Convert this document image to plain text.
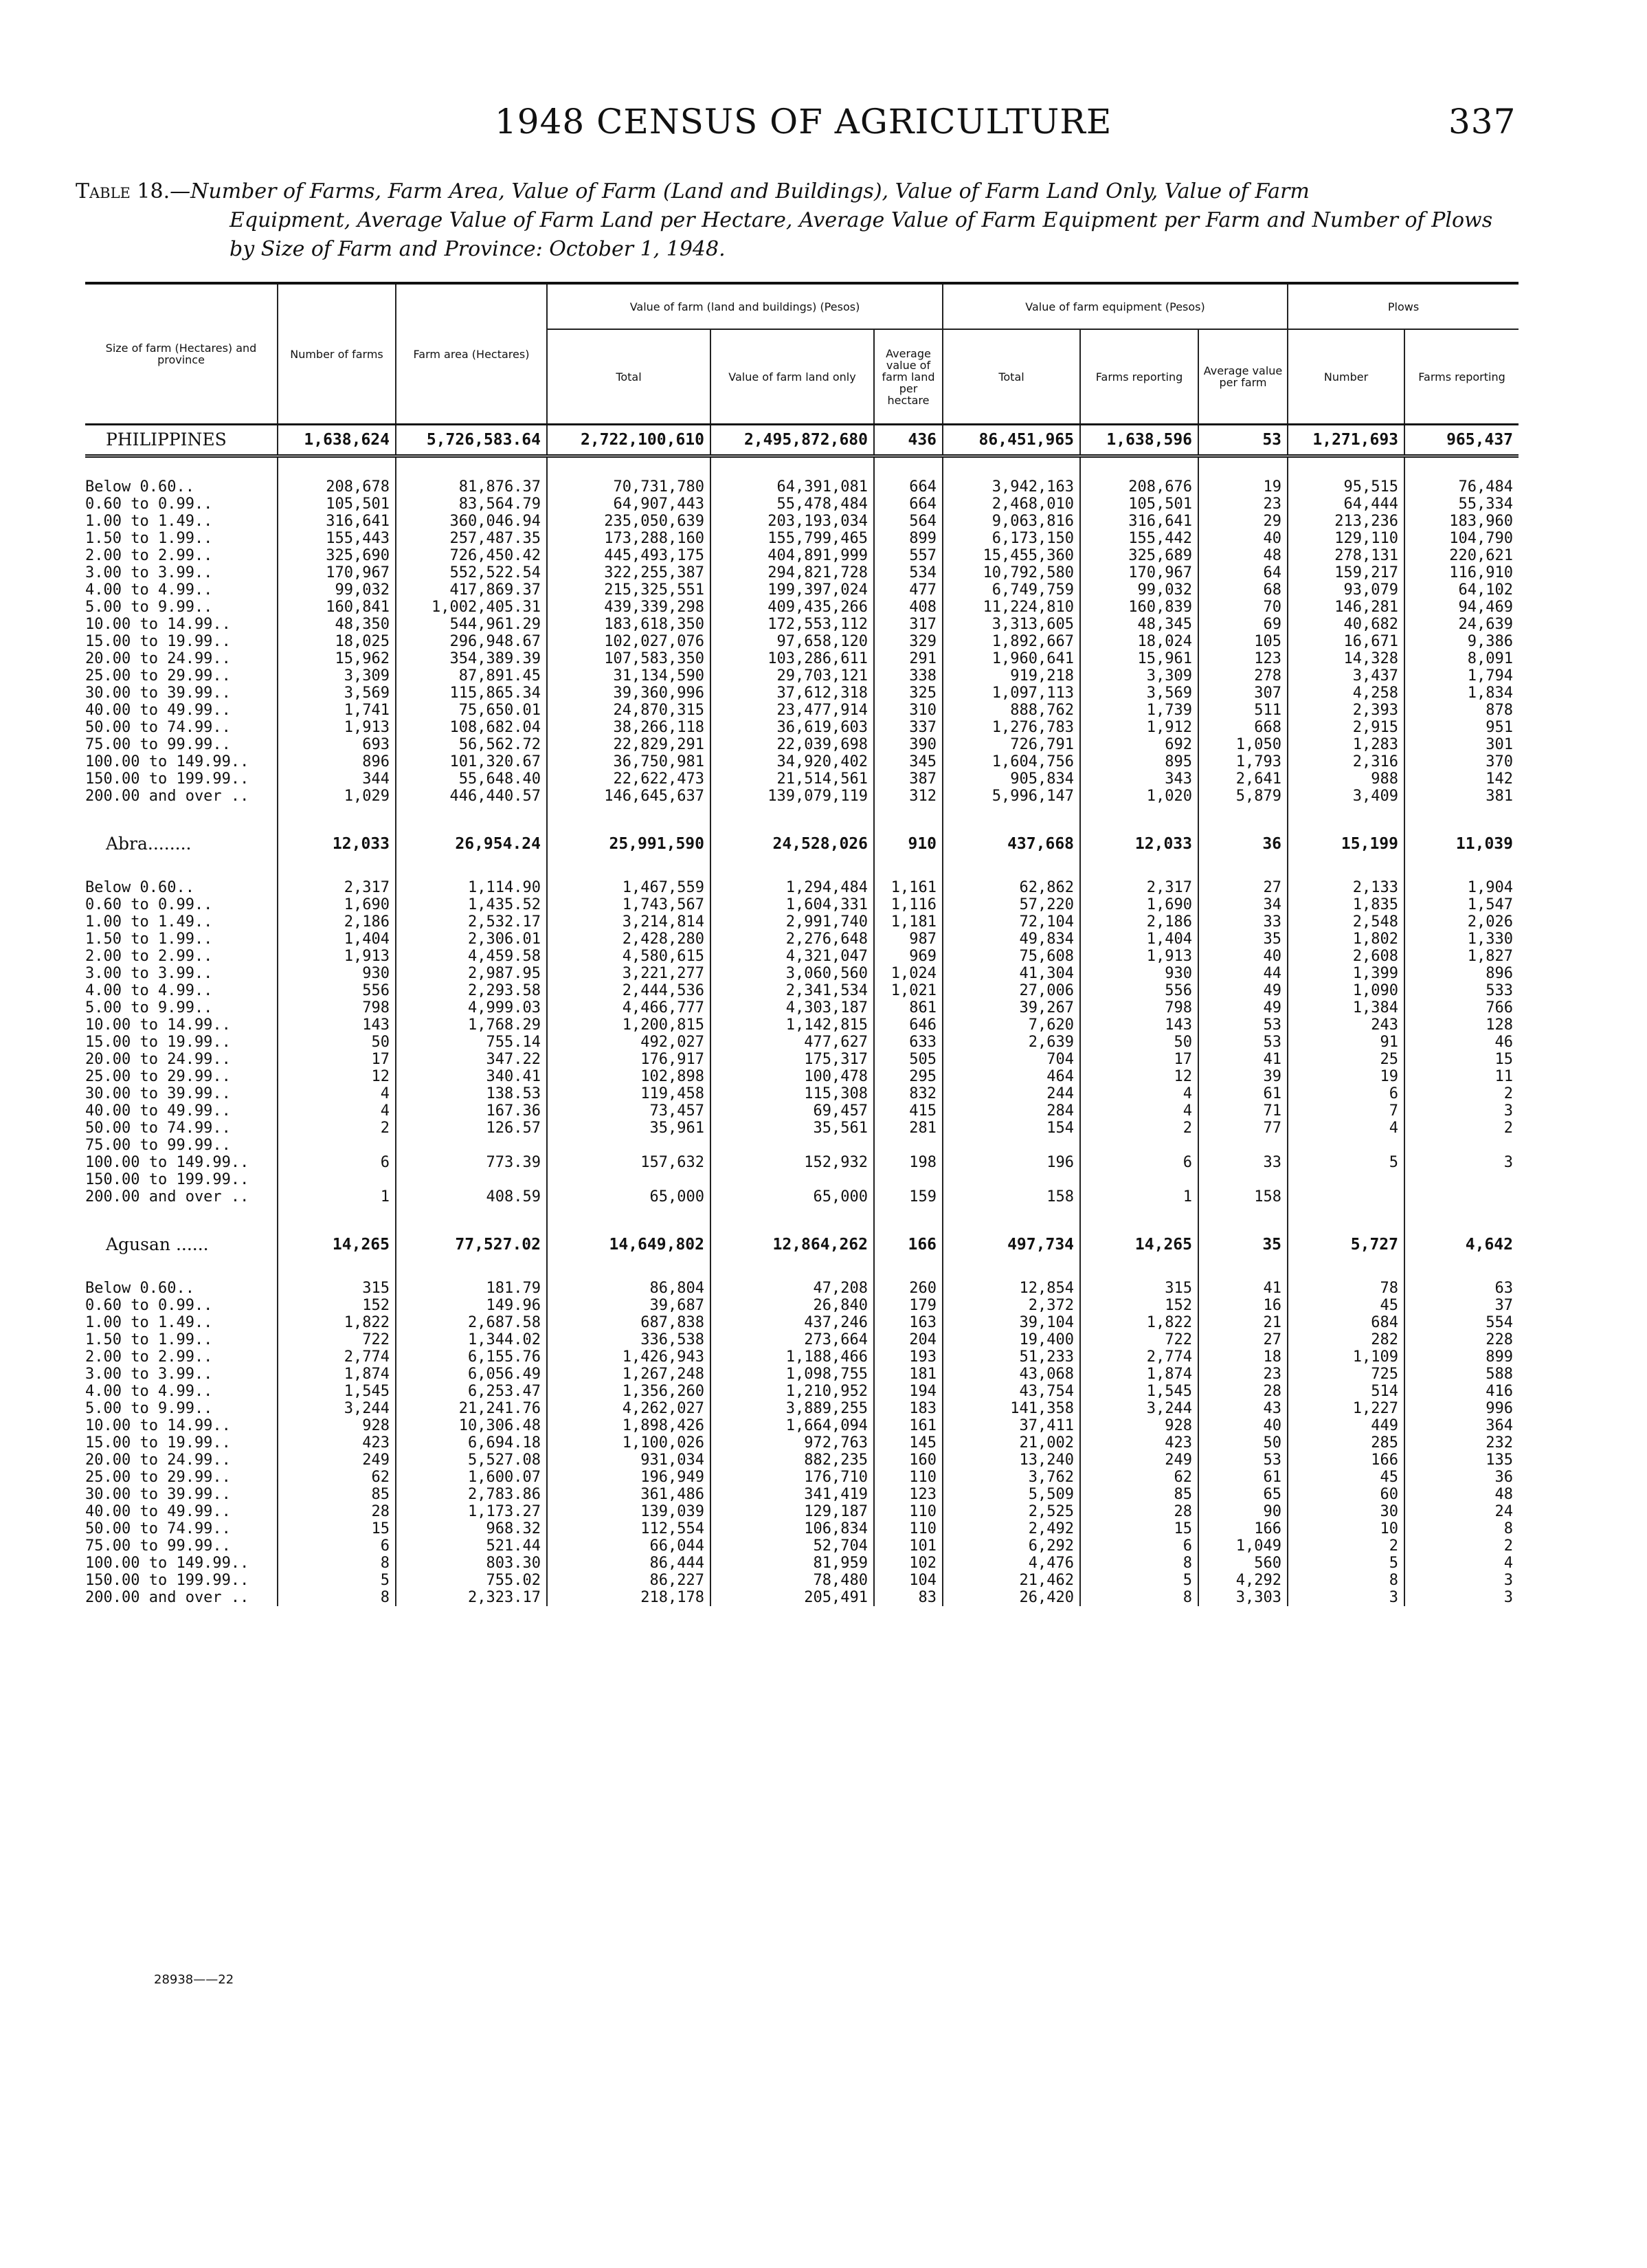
1948 CENSUS OF AGRICULTURE	337
Table 18.—Number of Farms, Farm Area, Value of Farm (Land and Buildings), Value of Farm Land Only, Value of Farm
Equipment, Average Value of Farm Land per Hectare, Average Value of Farm Equipment per Farm and Number of Plows by Size of Farm and Province: October 1, 1948.
Size of farm (Hectares) and province	Number of farms	Farm area (Hectares)	Value of farm (land and buildings) (Pesos)			Value of farm equipment (Pesos)			Plows	
			Total	Value of farm land only	Average value of farm land per hectare	Total	Farms reporting	Average value per farm	Number	Farms reporting
PHILIPPINES	1,638,624	5,726,583.64	2,722,100,610	2,495,872,680	436	86,451,965	1,638,596	53	1,271,693	965,437

Below 0.60..	208,678	81,876.37	70,731,780	64,391,081	664	3,942,163	208,676	19	95,515	76,484
0.60 to 0.99..	105,501	83,564.79	64,907,443	55,478,484	664	2,468,010	105,501	23	64,444	55,334
1.00 to 1.49..	316,641	360,046.94	235,050,639	203,193,034	564	9,063,816	316,641	29	213,236	183,960
1.50 to 1.99..	155,443	257,487.35	173,288,160	155,799,465	899	6,173,150	155,442	40	129,110	104,790
2.00 to 2.99..	325,690	726,450.42	445,493,175	404,891,999	557	15,455,360	325,689	48	278,131	220,621
3.00 to 3.99..	170,967	552,522.54	322,255,387	294,821,728	534	10,792,580	170,967	64	159,217	116,910
4.00 to 4.99..	99,032	417,869.37	215,325,551	199,397,024	477	6,749,759	99,032	68	93,079	64,102
5.00 to 9.99..	160,841	1,002,405.31	439,339,298	409,435,266	408	11,224,810	160,839	70	146,281	94,469
10.00 to 14.99..	48,350	544,961.29	183,618,350	172,553,112	317	3,313,605	48,345	69	40,682	24,639
15.00 to 19.99..	18,025	296,948.67	102,027,076	97,658,120	329	1,892,667	18,024	105	16,671	9,386
20.00 to 24.99..	15,962	354,389.39	107,583,350	103,286,611	291	1,960,641	15,961	123	14,328	8,091
25.00 to 29.99..	3,309	87,891.45	31,134,590	29,703,121	338	919,218	3,309	278	3,437	1,794
30.00 to 39.99..	3,569	115,865.34	39,360,996	37,612,318	325	1,097,113	3,569	307	4,258	1,834
40.00 to 49.99..	1,741	75,650.01	24,870,315	23,477,914	310	888,762	1,739	511	2,393	878
50.00 to 74.99..	1,913	108,682.04	38,266,118	36,619,603	337	1,276,783	1,912	668	2,915	951
75.00 to 99.99..	693	56,562.72	22,829,291	22,039,698	390	726,791	692	1,050	1,283	301
100.00 to 149.99..	896	101,320.67	36,750,981	34,920,402	345	1,604,756	895	1,793	2,316	370
150.00 to 199.99..	344	55,648.40	22,622,473	21,514,561	387	905,834	343	2,641	988	142
200.00 and over ..	1,029	446,440.57	146,645,637	139,079,119	312	5,996,147	1,020	5,879	3,409	381

Abra........	12,033	26,954.24	25,991,590	24,528,026	910	437,668	12,033	36	15,199	11,039

Below 0.60..	2,317	1,114.90	1,467,559	1,294,484	1,161	62,862	2,317	27	2,133	1,904
0.60 to 0.99..	1,690	1,435.52	1,743,567	1,604,331	1,116	57,220	1,690	34	1,835	1,547
1.00 to 1.49..	2,186	2,532.17	3,214,814	2,991,740	1,181	72,104	2,186	33	2,548	2,026
1.50 to 1.99..	1,404	2,306.01	2,428,280	2,276,648	987	49,834	1,404	35	1,802	1,330
2.00 to 2.99..	1,913	4,459.58	4,580,615	4,321,047	969	75,608	1,913	40	2,608	1,827
3.00 to 3.99..	930	2,987.95	3,221,277	3,060,560	1,024	41,304	930	44	1,399	896
4.00 to 4.99..	556	2,293.58	2,444,536	2,341,534	1,021	27,006	556	49	1,090	533
5.00 to 9.99..	798	4,999.03	4,466,777	4,303,187	861	39,267	798	49	1,384	766
10.00 to 14.99..	143	1,768.29	1,200,815	1,142,815	646	7,620	143	53	243	128
15.00 to 19.99..	50	755.14	492,027	477,627	633	2,639	50	53	91	46
20.00 to 24.99..	17	347.22	176,917	175,317	505	704	17	41	25	15
25.00 to 29.99..	12	340.41	102,898	100,478	295	464	12	39	19	11
30.00 to 39.99..	4	138.53	119,458	115,308	832	244	4	61	6	2
40.00 to 49.99..	4	167.36	73,457	69,457	415	284	4	71	7	3
50.00 to 74.99..	2	126.57	35,961	35,561	281	154	2	77	4	2
75.00 to 99.99..										
100.00 to 149.99..	6	773.39	157,632	152,932	198	196	6	33	5	3
150.00 to 199.99..										
200.00 and over ..	1	408.59	65,000	65,000	159	158	1	158		

Agusan ......	14,265	77,527.02	14,649,802	12,864,262	166	497,734	14,265	35	5,727	4,642

Below 0.60..	315	181.79	86,804	47,208	260	12,854	315	41	78	63
0.60 to 0.99..	152	149.96	39,687	26,840	179	2,372	152	16	45	37
1.00 to 1.49..	1,822	2,687.58	687,838	437,246	163	39,104	1,822	21	684	554
1.50 to 1.99..	722	1,344.02	336,538	273,664	204	19,400	722	27	282	228
2.00 to 2.99..	2,774	6,155.76	1,426,943	1,188,466	193	51,233	2,774	18	1,109	899
3.00 to 3.99..	1,874	6,056.49	1,267,248	1,098,755	181	43,068	1,874	23	725	588
4.00 to 4.99..	1,545	6,253.47	1,356,260	1,210,952	194	43,754	1,545	28	514	416
5.00 to 9.99..	3,244	21,241.76	4,262,027	3,889,255	183	141,358	3,244	43	1,227	996
10.00 to 14.99..	928	10,306.48	1,898,426	1,664,094	161	37,411	928	40	449	364
15.00 to 19.99..	423	6,694.18	1,100,026	972,763	145	21,002	423	50	285	232
20.00 to 24.99..	249	5,527.08	931,034	882,235	160	13,240	249	53	166	135
25.00 to 29.99..	62	1,600.07	196,949	176,710	110	3,762	62	61	45	36
30.00 to 39.99..	85	2,783.86	361,486	341,419	123	5,509	85	65	60	48
40.00 to 49.99..	28	1,173.27	139,039	129,187	110	2,525	28	90	30	24
50.00 to 74.99..	15	968.32	112,554	106,834	110	2,492	15	166	10	8
75.00 to 99.99..	6	521.44	66,044	52,704	101	6,292	6	1,049	2	2
100.00 to 149.99..	8	803.30	86,444	81,959	102	4,476	8	560	5	4
150.00 to 199.99..	5	755.02	86,227	78,480	104	21,462	5	4,292	8	3
200.00 and over ..	8	2,323.17	218,178	205,491	83	26,420	8	3,303	3	3
28938——22
